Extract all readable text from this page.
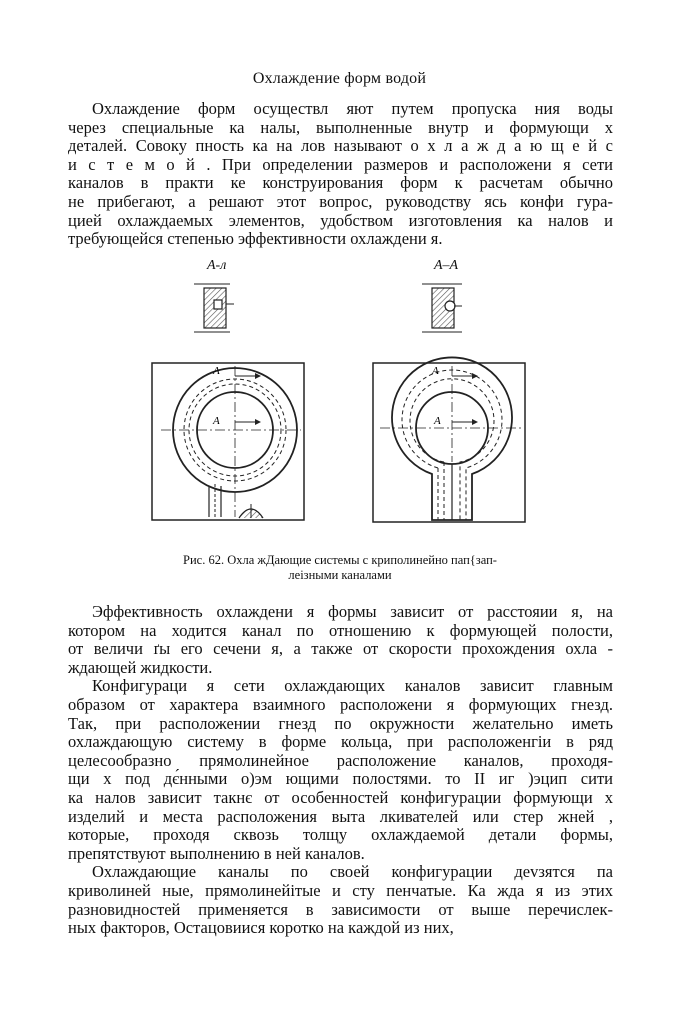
Охлаждение форм водой
Охлаждение форм осуществл яют путем пропуска ния воды
через специальные ка налы, выполненные внутр и формующи х
деталей. Совоку пность ка на лов называют о х л а ж д а ю щ е й с
и с т е м о й . При определении размеров и расположени я сети
каналов в практи ке конструирования форм к расчетам обычно
не прибегают, а решают этот вопрос, руководству ясь конфи гура-
цией охлаждаемых элементов, удобством изготовления ка налов и
требующейся степенью эффективности охлаждени я.
A-л	A–A
А
А
А
А
Рис. 62. Охла жДающие системы с криполинейно пап{зап-
леізными каналами
Эффективность охлаждени я формы зависит от расстояии я, на
котором на ходится канал по отношению к формующей полости,
от величи ґы его сечени я, а также от скорости прохождения охла -
ждающей жидкости.
Конфигураци я сети охлаждающих каналов зависит главным
образом от характера взаимного расположени я формующих гнезд.
Так, при расположении гнезд по окружности желательно иметь
охлаждающую систему в форме кольца, при расположенгіи в ряд
целесообразно прямолинейное расположение каналов, проходя-
щи х под дє́нными о)эм ющими полостями. то ІІ иг )эцип сити
ка налов зависит такнє от особенностей конфигурации формующи х
изделий и места расположения выта лкивателей или стер жней ,
которые, проходя сквозь толщу охлаждаемой детали формы,
препятствуют выполнению в ней каналов.
Охлаждающие каналы по своей конфигурации деvзятся па
криволиней ные, прямолинейітые и сту пенчатые. Ка жда я из этих
разновидностей применяется в зависимости от выше перечислек-
ных факторов, Остацовиися коротко на каждой из них,
